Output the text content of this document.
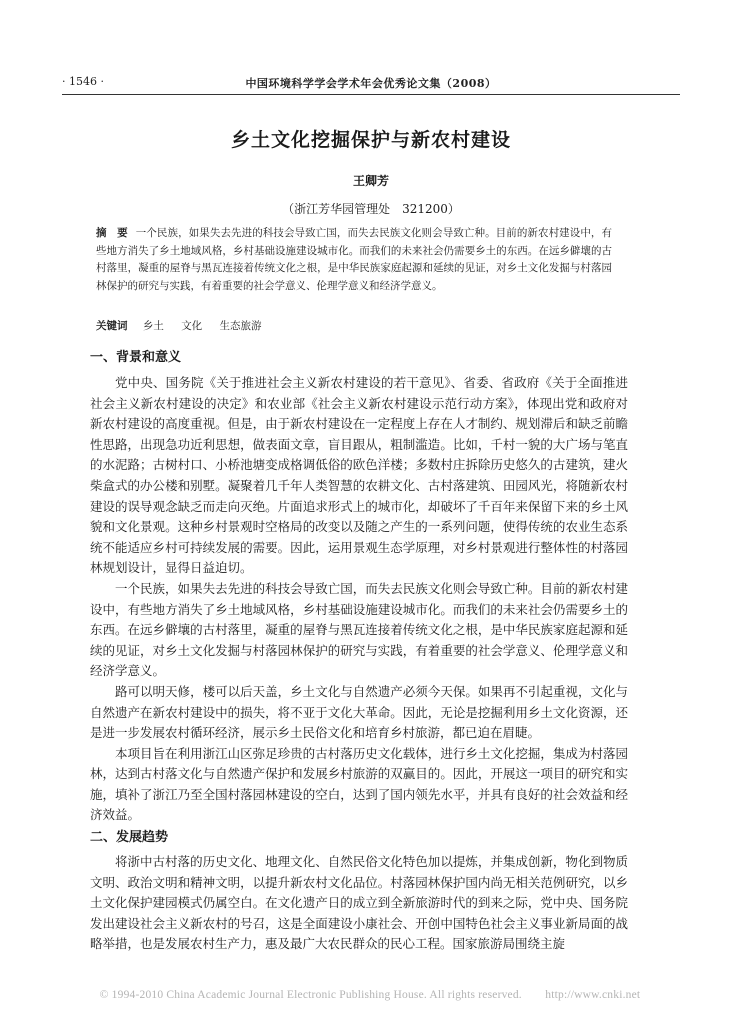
· 1546 ·	中国环境科学学会学术年会优秀论文集（2008）
乡土文化挖掘保护与新农村建设
王卿芳
（浙江芳华园管理处　321200）
摘　要 一个民族，如果失去先进的科技会导致亡国，而失去民族文化则会导致亡种。目前的新农村建设中，有些地方消失了乡土地域风格，乡村基础设施建设城市化。而我们的未来社会仍需要乡土的东西。在远乡僻壤的古村落里，凝重的屋脊与黑瓦连接着传统文化之根，是中华民族家庭起源和延续的见证，对乡土文化发掘与村落园林保护的研究与实践，有着重要的社会学意义、伦理学意义和经济学意义。
关键词 乡土 文化 生态旅游
一、背景和意义

党中央、国务院《关于推进社会主义新农村建设的若干意见》、省委、省政府《关于全面推进社会主义新农村建设的决定》和农业部《社会主义新农村建设示范行动方案》，体现出党和政府对新农村建设的高度重视。但是，由于新农村建设在一定程度上存在人才制约、规划滞后和缺乏前瞻性思路，出现急功近利思想，做表面文章，盲目跟从，粗制滥造。比如，千村一貌的大广场与笔直的水泥路；古树村口、小桥池塘变成格调低俗的欧色洋楼；多数村庄拆除历史悠久的古建筑，建火柴盒式的办公楼和别墅。凝聚着几千年人类智慧的农耕文化、古村落建筑、田园风光，将随新农村建设的误导观念缺乏而走向灭绝。片面追求形式上的城市化，却破坏了千百年来保留下来的乡土风貌和文化景观。这种乡村景观时空格局的改变以及随之产生的一系列问题，使得传统的农业生态系统不能适应乡村可持续发展的需要。因此，运用景观生态学原理，对乡村景观进行整体性的村落园林规划设计，显得日益迫切。

一个民族，如果失去先进的科技会导致亡国，而失去民族文化则会导致亡种。目前的新农村建设中，有些地方消失了乡土地域风格，乡村基础设施建设城市化。而我们的未来社会仍需要乡土的东西。在远乡僻壤的古村落里，凝重的屋脊与黑瓦连接着传统文化之根，是中华民族家庭起源和延续的见证，对乡土文化发掘与村落园林保护的研究与实践，有着重要的社会学意义、伦理学意义和经济学意义。

路可以明天修，楼可以后天盖，乡土文化与自然遗产必须今天保。如果再不引起重视，文化与自然遗产在新农村建设中的损失，将不亚于文化大革命。因此，无论是挖掘利用乡土文化资源，还是进一步发展农村循环经济，展示乡土民俗文化和培育乡村旅游，都已迫在眉睫。

本项目旨在利用浙江山区弥足珍贵的古村落历史文化载体，进行乡土文化挖掘，集成为村落园林，达到古村落文化与自然遗产保护和发展乡村旅游的双赢目的。因此，开展这一项目的研究和实施，填补了浙江乃至全国村落园林建设的空白，达到了国内领先水平，并具有良好的社会效益和经济效益。

二、发展趋势

将浙中古村落的历史文化、地理文化、自然民俗文化特色加以提炼，并集成创新，物化到物质文明、政治文明和精神文明，以提升新农村文化品位。村落园林保护国内尚无相关范例研究，以乡土文化保护建园模式仍属空白。在文化遗产日的成立到全新旅游时代的到来之际，党中央、国务院发出建设社会主义新农村的号召，这是全面建设小康社会、开创中国特色社会主义事业新局面的战略举措，也是发展农村生产力，惠及最广大农民群众的民心工程。国家旅游局围绕主旋

© 1994-2010 China Academic Journal Electronic Publishing House. All rights reserved.　　http://www.cnki.net
